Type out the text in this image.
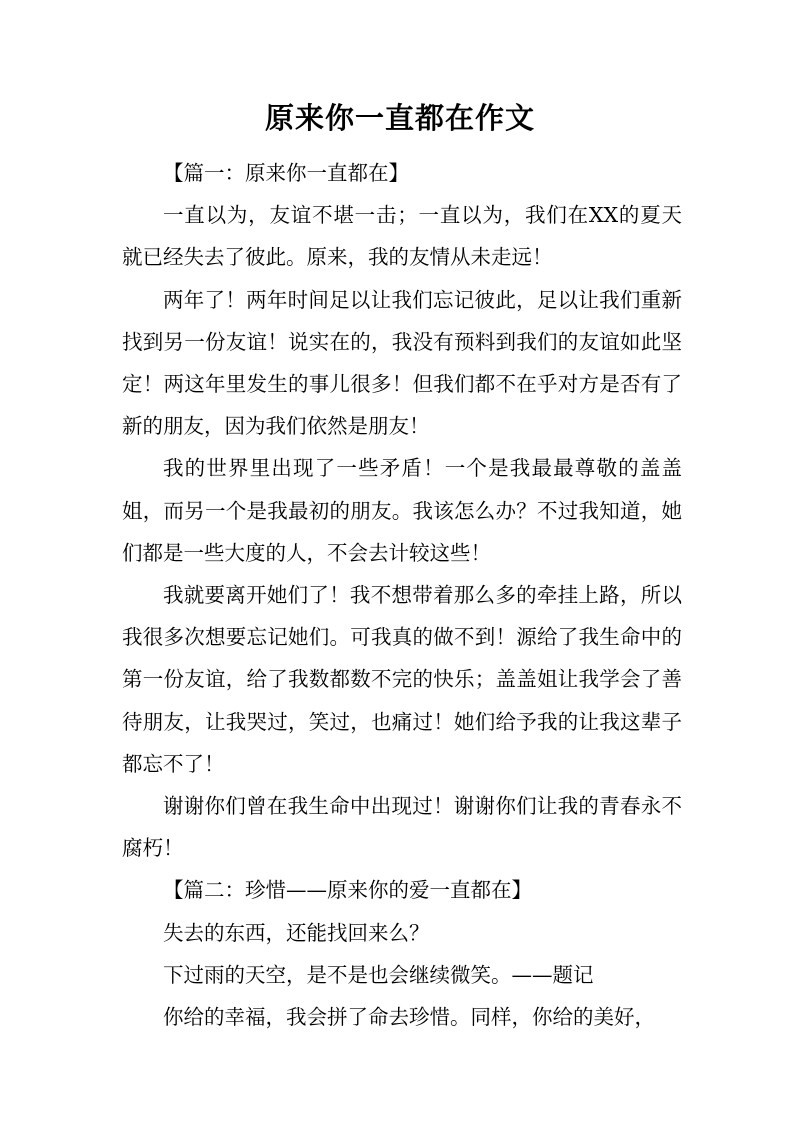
原来你一直都在作文

【篇一：原来你一直都在】

一直以为，友谊不堪一击；一直以为，我们在XX的夏天就已经失去了彼此。原来，我的友情从未走远！

两年了！两年时间足以让我们忘记彼此，足以让我们重新找到另一份友谊！说实在的，我没有预料到我们的友谊如此坚定！两这年里发生的事儿很多！但我们都不在乎对方是否有了新的朋友，因为我们依然是朋友！

我的世界里出现了一些矛盾！一个是我最最尊敬的盖盖姐，而另一个是我最初的朋友。我该怎么办？不过我知道，她们都是一些大度的人，不会去计较这些！

我就要离开她们了！我不想带着那么多的牵挂上路，所以我很多次想要忘记她们。可我真的做不到！源给了我生命中的第一份友谊，给了我数都数不完的快乐；盖盖姐让我学会了善待朋友，让我哭过，笑过，也痛过！她们给予我的让我这辈子都忘不了！

谢谢你们曾在我生命中出现过！谢谢你们让我的青春永不腐朽！

【篇二：珍惜——原来你的爱一直都在】

失去的东西，还能找回来么？

下过雨的天空，是不是也会继续微笑。——题记

你给的幸福，我会拼了命去珍惜。同样，你给的美好，
